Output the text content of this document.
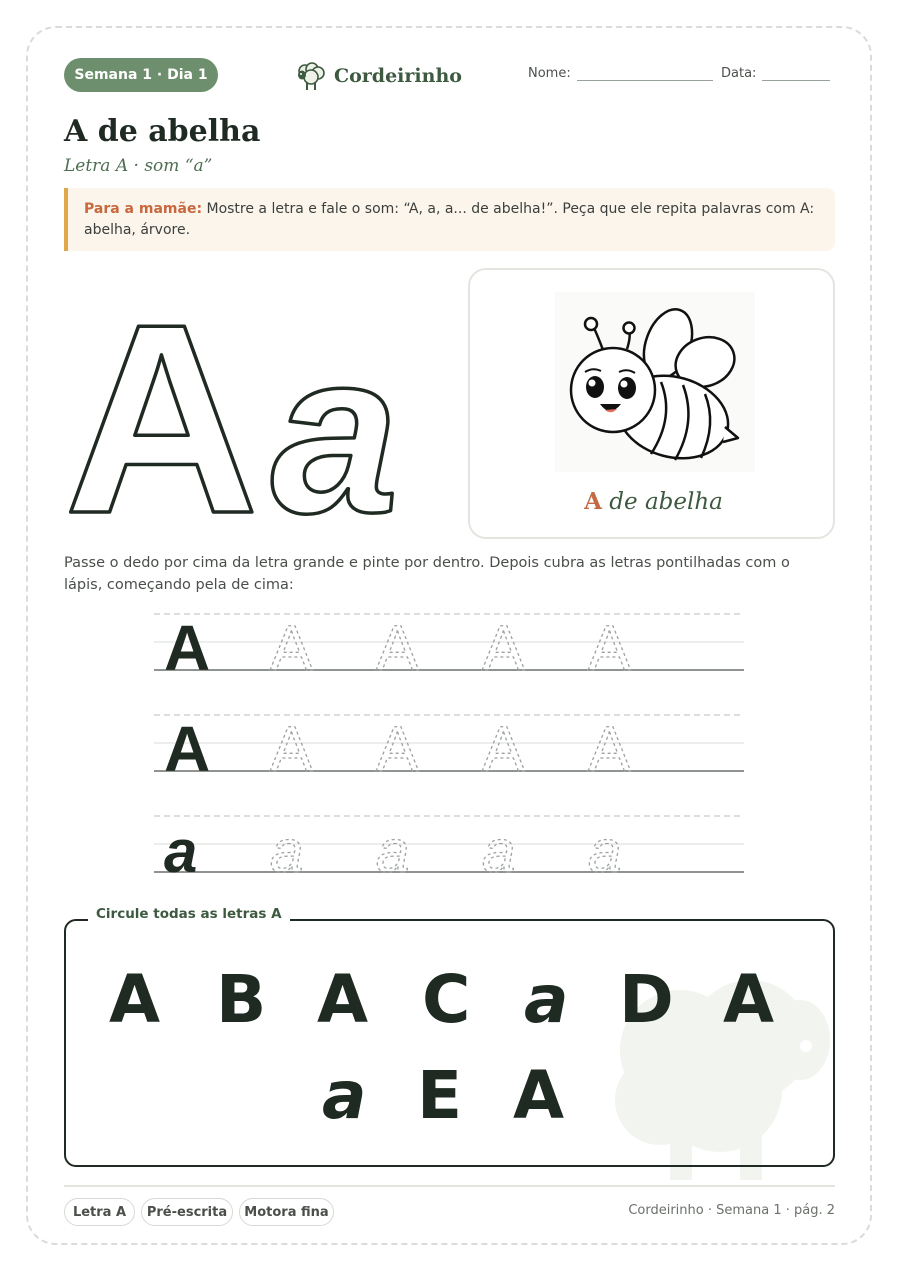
Semana 1 · Dia 1	Cordeirinho	Nome:	Data:
A de abelha
Letra A · som “a”
Para a mamãe: Mostre a letra e fale o som: “A, a, a... de abelha!”. Peça que ele repita palavras com A: abelha, árvore.
A a	A de abelha
Passe o dedo por cima da letra grande e pinte por dentro. Depois cubra as letras pontilhadas com o lápis, começando pela de cima:
A A A A A
A A A A A
a a a a a
A B A C a D A
a E A
Circule todas as letras A
Letra A	Pré-escrita	Motora fina	Cordeirinho · Semana 1 · pág. 2
